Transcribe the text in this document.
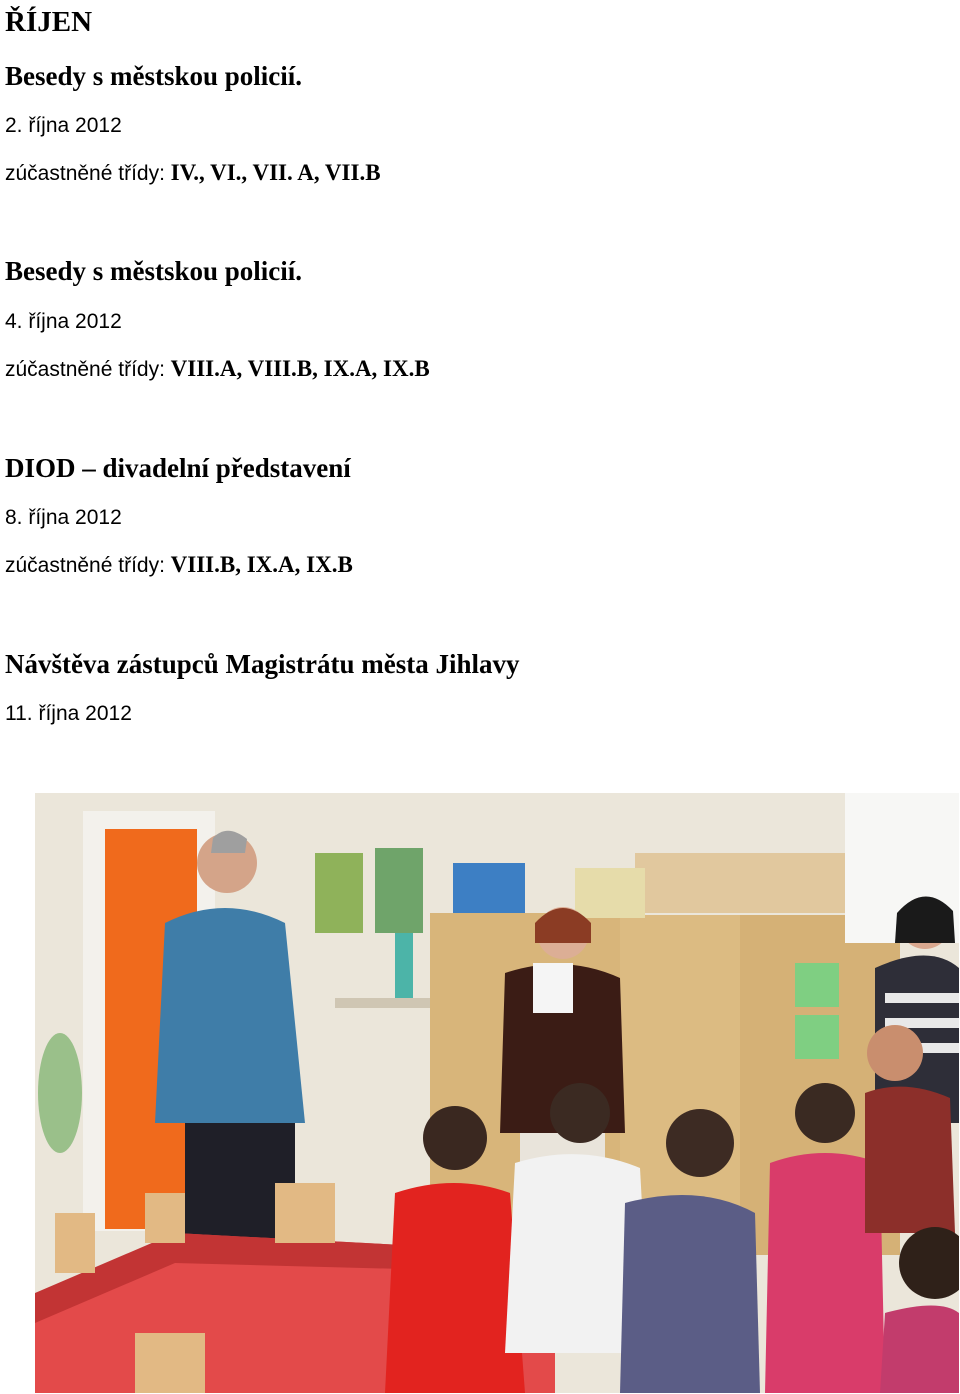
ŘÍJEN
Besedy s městskou policií.
2. října 2012
zúčastněné třídy: IV., VI., VII. A, VII.B
Besedy s městskou policií.
4. října 2012
zúčastněné třídy: VIII.A, VIII.B, IX.A, IX.B
DIOD – divadelní představení
8. října 2012
zúčastněné třídy: VIII.B, IX.A, IX.B
Návštěva zástupců Magistrátu města Jihlavy
11. října 2012
